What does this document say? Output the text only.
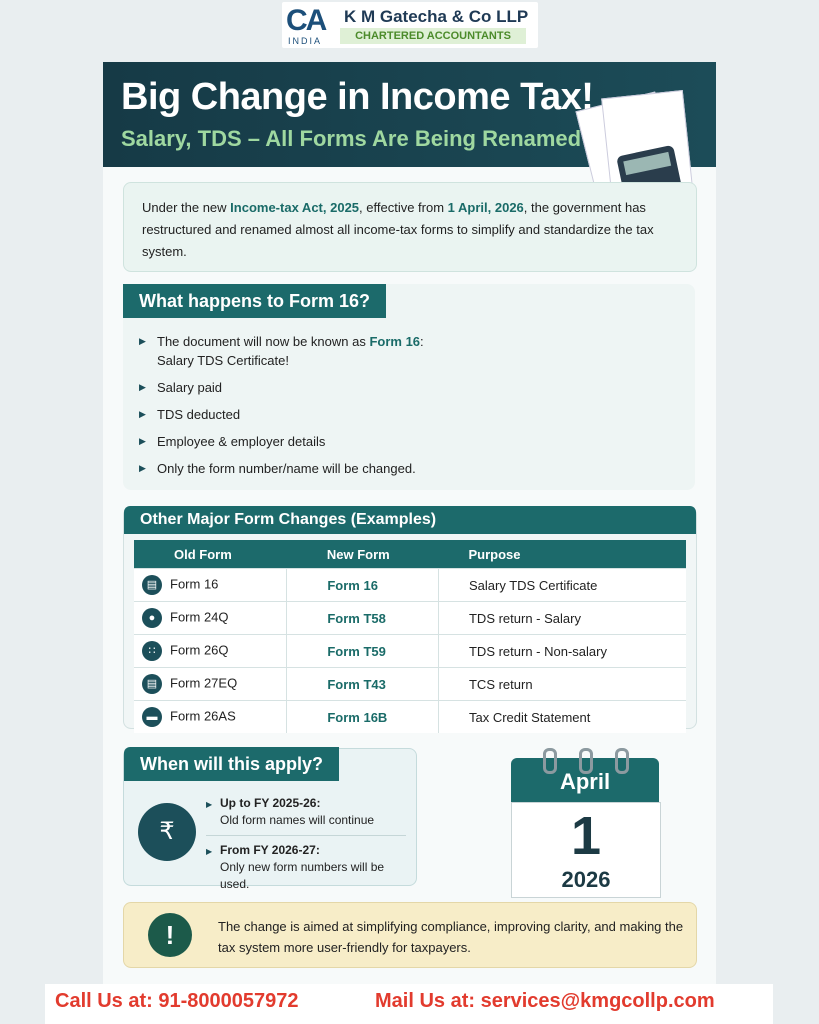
CA
INDIA
K M Gatecha & Co LLP
CHARTERED ACCOUNTANTS
Big Change in Income Tax!
Salary, TDS – All Forms Are Being Renamed

Under the new Income-tax Act, 2025, effective from 1 April, 2026, the government has restructured and renamed almost all income-tax forms to simplify and standardize the tax system.

What happens to Form 16?
▶ The document will now be known as Form 16: Salary TDS Certificate!
▶ Salary paid
▶ TDS deducted
▶ Employee & employer details
▶ Only the form number/name will be changed.

Other Major Form Changes (Examples)
Old Form	New Form	Purpose
▤ Form 16	Form 16	Salary TDS Certificate
● Form 24Q	Form T58	TDS return - Salary
∷ Form 26Q	Form T59	TDS return - Non-salary
▤ Form 27EQ	Form T43	TCS return
▬ Form 26AS	Form 16B	Tax Credit Statement
When will this apply?
₹
▶ Up to FY 2025-26:
Old form names will continue
▶ From FY 2026-27:
Only new form numbers will be used.
April
1
2026
!	The change is aimed at simplifying compliance, improving clarity, and making the tax system more user-friendly for taxpayers.

Call Us at: 91-8000057972	Mail Us at: services@kmgcollp.com
